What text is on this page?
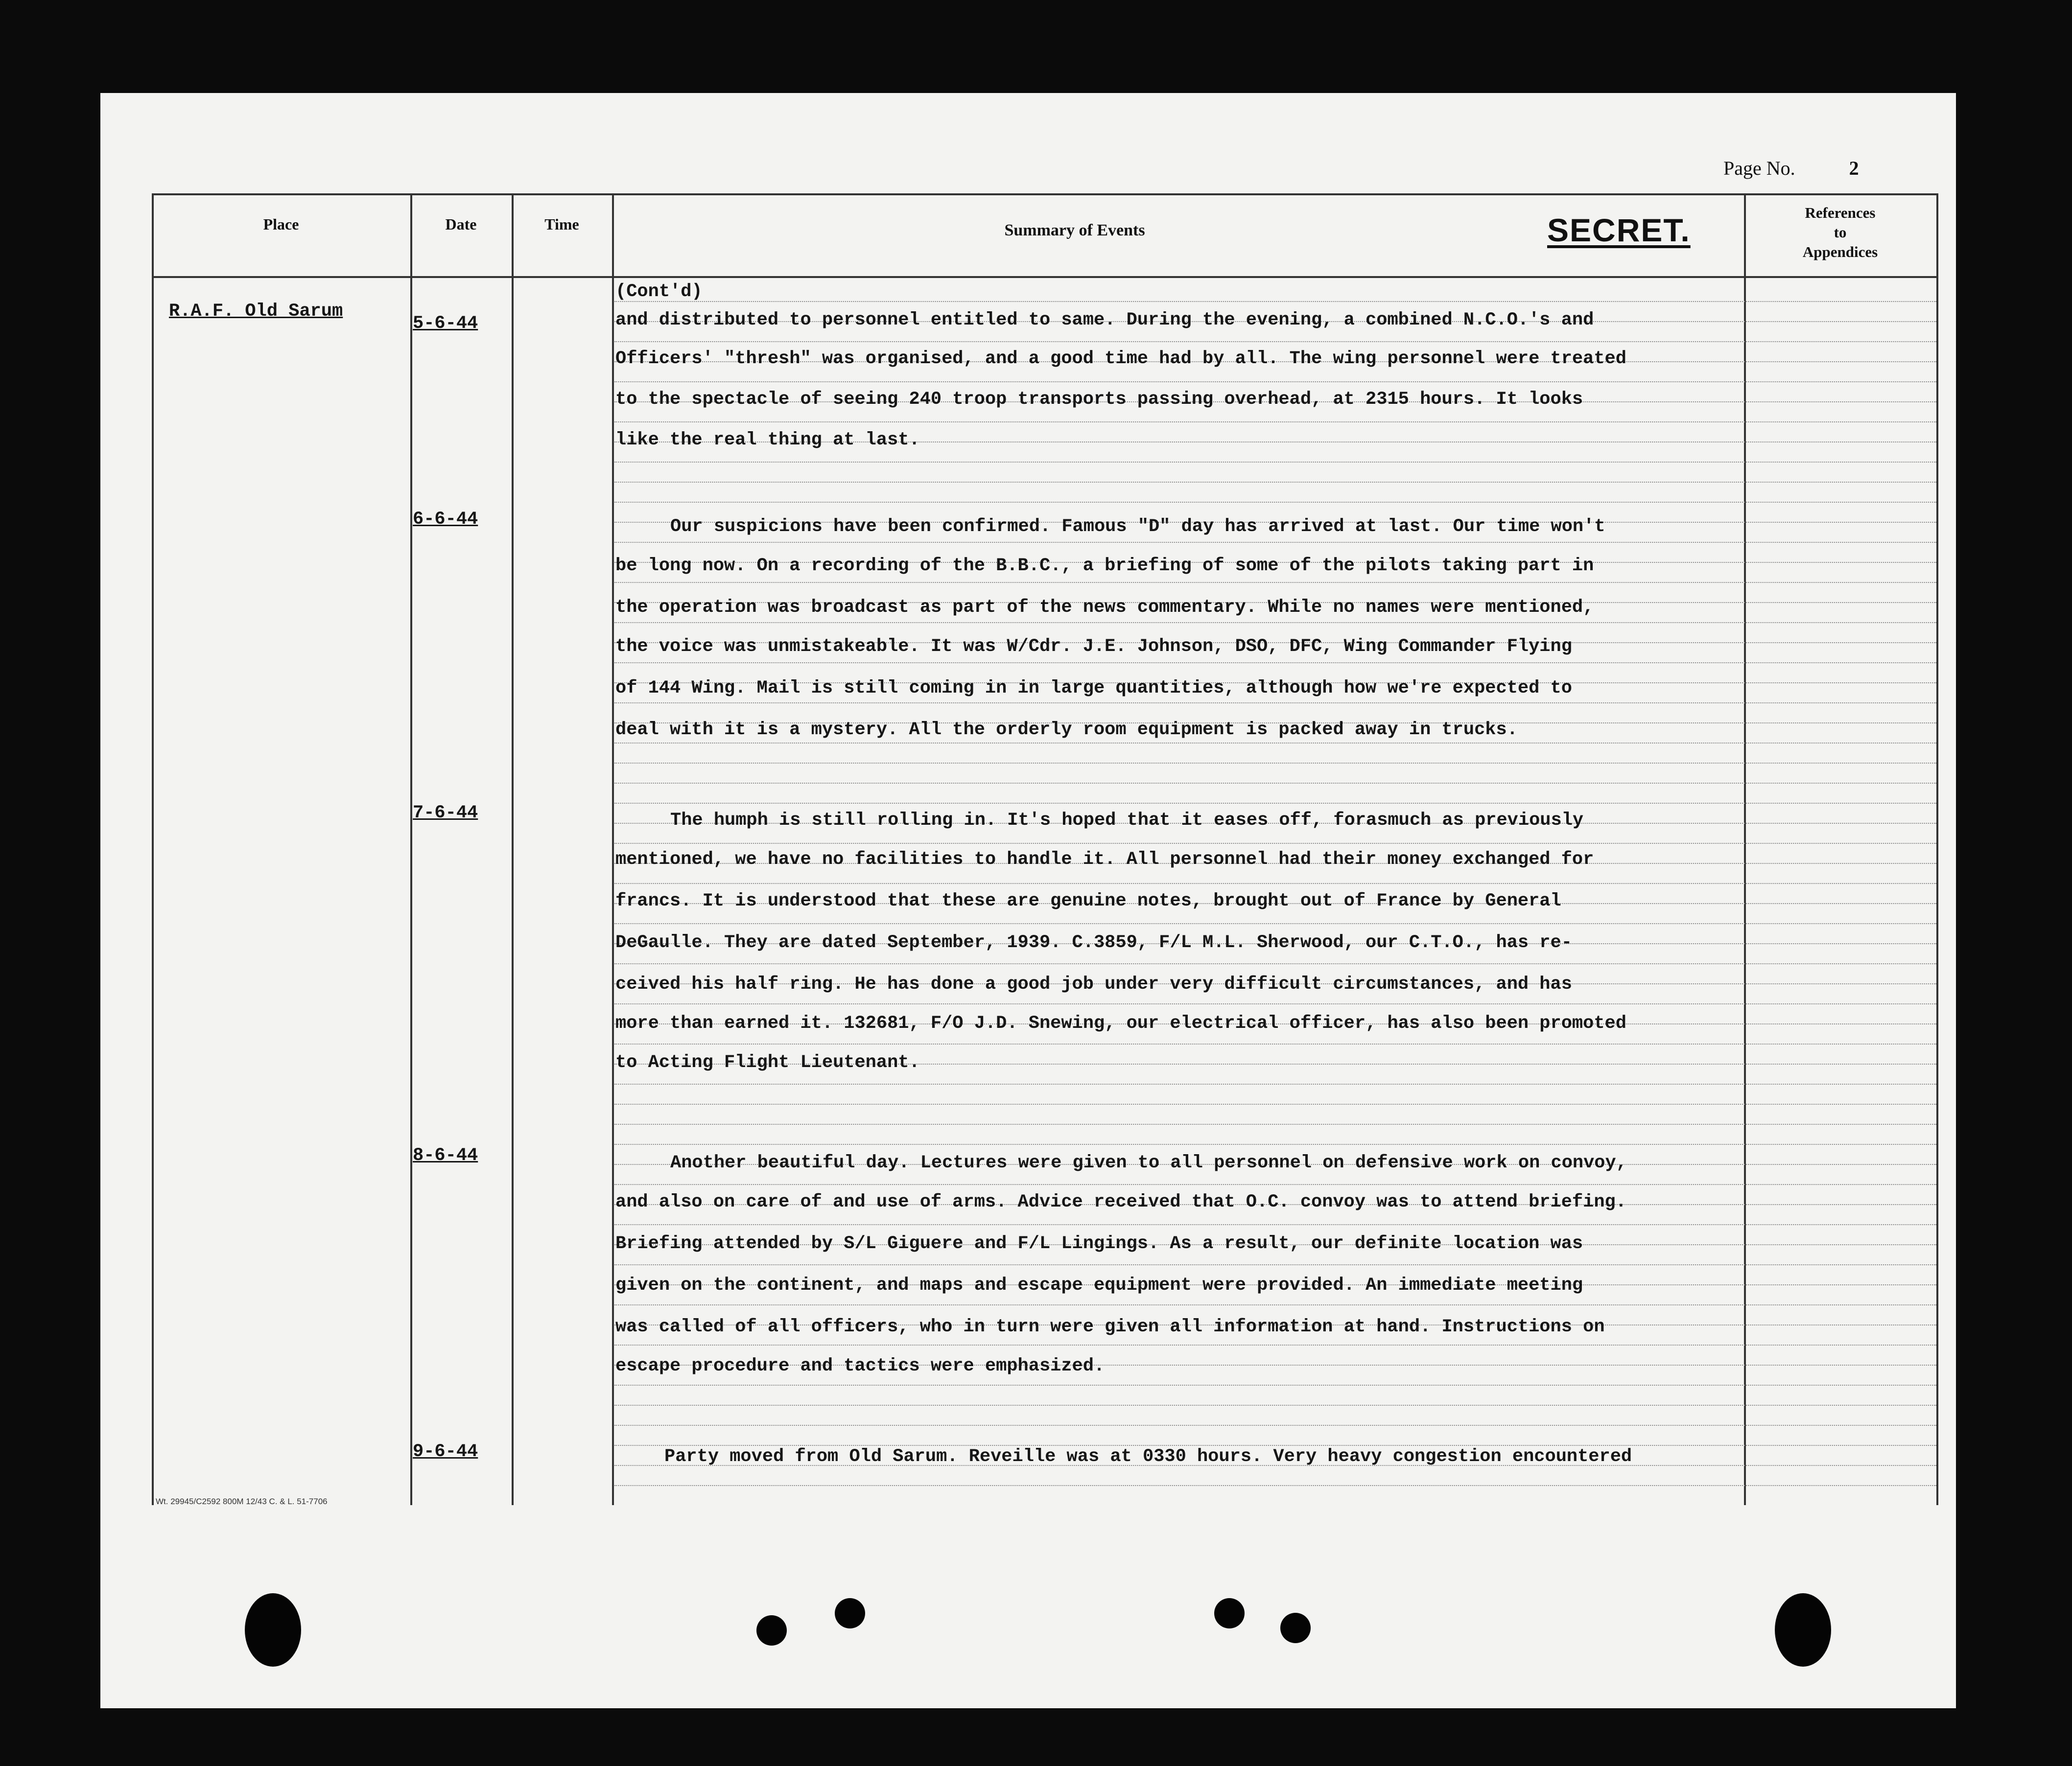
Page No.	2
Place	Date	Time	Summary of Events	SECRET.	References
to
Appendices
R.A.F. Old Sarum
5-6-44
(Cont'd)
and distributed to personnel entitled to same. During the evening, a combined N.C.O.'s and
Officers' "thresh" was organised, and a good time had by all. The wing personnel were treated
to the spectacle of seeing 240 troop transports passing overhead, at 2315 hours. It looks
like the real thing at last.
6-6-44	Our suspicions have been confirmed. Famous "D" day has arrived at last. Our time won't
be long now. On a recording of the B.B.C., a briefing of some of the pilots taking part in
the operation was broadcast as part of the news commentary. While no names were mentioned,
the voice was unmistakeable. It was W/Cdr. J.E. Johnson, DSO, DFC, Wing Commander Flying
of 144 Wing. Mail is still coming in in large quantities, although how we're expected to
deal with it is a mystery. All the orderly room equipment is packed away in trucks.
7-6-44	The humph is still rolling in. It's hoped that it eases off, forasmuch as previously
mentioned, we have no facilities to handle it. All personnel had their money exchanged for
francs. It is understood that these are genuine notes, brought out of France by General
DeGaulle. They are dated September, 1939. C.3859, F/L M.L. Sherwood, our C.T.O., has re-
ceived his half ring. He has done a good job under very difficult circumstances, and has
more than earned it. 132681, F/O J.D. Snewing, our electrical officer, has also been promoted
to Acting Flight Lieutenant.
8-6-44	Another beautiful day. Lectures were given to all personnel on defensive work on convoy,
and also on care of and use of arms. Advice received that O.C. convoy was to attend briefing.
Briefing attended by S/L Giguere and F/L Lingings. As a result, our definite location was
given on the continent, and maps and escape equipment were provided. An immediate meeting
was called of all officers, who in turn were given all information at hand. Instructions on
escape procedure and tactics were emphasized.
9-6-44	Party moved from Old Sarum. Reveille was at 0330 hours. Very heavy congestion encountered
Wt. 29945/C2592 800M 12/43 C. & L. 51-7706
